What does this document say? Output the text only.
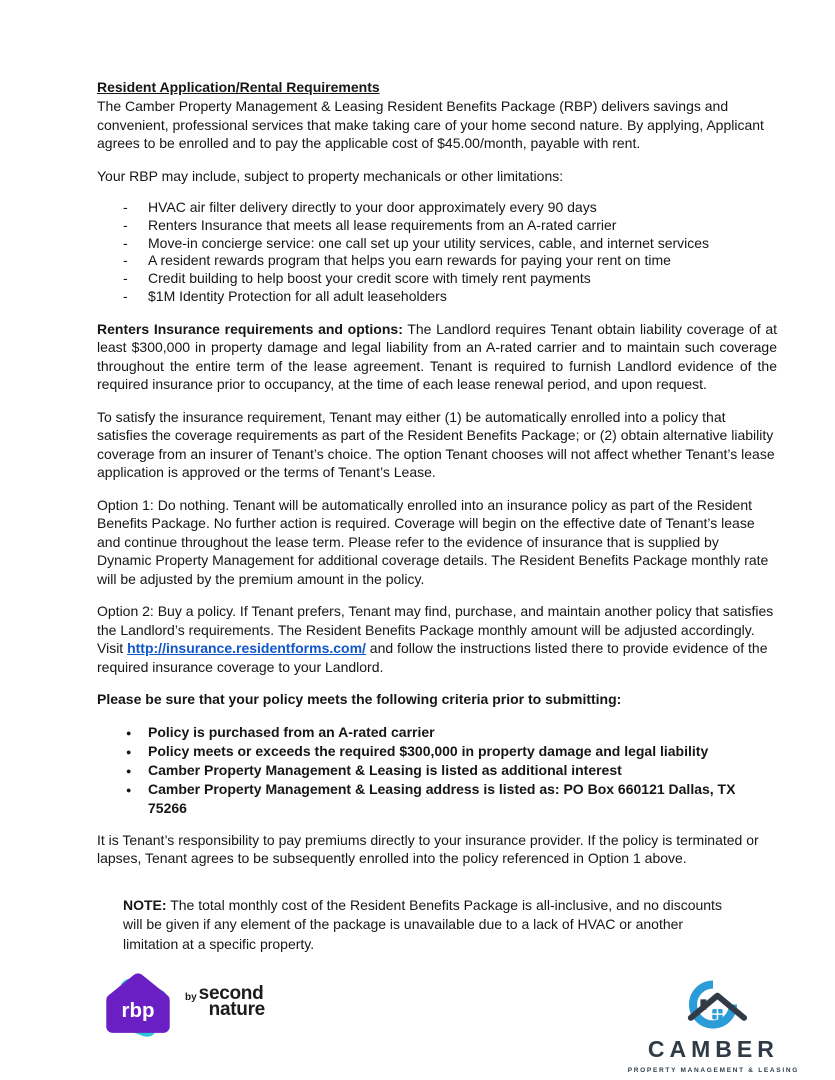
Resident Application/Rental Requirements

The Camber Property Management & Leasing Resident Benefits Package (RBP) delivers savings and convenient, professional services that make taking care of your home second nature. By applying, Applicant agrees to be enrolled and to pay the applicable cost of $45.00/month, payable with rent.

Your RBP may include, subject to property mechanicals or other limitations:

- HVAC air filter delivery directly to your door approximately every 90 days
- Renters Insurance that meets all lease requirements from an A-rated carrier
- Move-in concierge service: one call set up your utility services, cable, and internet services
- A resident rewards program that helps you earn rewards for paying your rent on time
- Credit building to help boost your credit score with timely rent payments
- $1M Identity Protection for all adult leaseholders

Renters Insurance requirements and options: The Landlord requires Tenant obtain liability coverage of at least $300,000 in property damage and legal liability from an A-rated carrier and to maintain such coverage throughout the entire term of the lease agreement. Tenant is required to furnish Landlord evidence of the required insurance prior to occupancy, at the time of each lease renewal period, and upon request.

To satisfy the insurance requirement, Tenant may either (1) be automatically enrolled into a policy that satisfies the coverage requirements as part of the Resident Benefits Package; or (2) obtain alternative liability coverage from an insurer of Tenant’s choice. The option Tenant chooses will not affect whether Tenant’s lease application is approved or the terms of Tenant’s Lease.

Option 1: Do nothing. Tenant will be automatically enrolled into an insurance policy as part of the Resident Benefits Package. No further action is required. Coverage will begin on the effective date of Tenant’s lease and continue throughout the lease term. Please refer to the evidence of insurance that is supplied by Dynamic Property Management for additional coverage details. The Resident Benefits Package monthly rate will be adjusted by the premium amount in the policy.

Option 2: Buy a policy. If Tenant prefers, Tenant may find, purchase, and maintain another policy that satisfies the Landlord’s requirements. The Resident Benefits Package monthly amount will be adjusted accordingly. Visit http://insurance.residentforms.com/ and follow the instructions listed there to provide evidence of the required insurance coverage to your Landlord.

Please be sure that your policy meets the following criteria prior to submitting:

● Policy is purchased from an A-rated carrier
● Policy meets or exceeds the required $300,000 in property damage and legal liability
● Camber Property Management & Leasing is listed as additional interest
● Camber Property Management & Leasing address is listed as: PO Box 660121 Dallas, TX 75266

It is Tenant’s responsibility to pay premiums directly to your insurance provider. If the policy is terminated or lapses, Tenant agrees to be subsequently enrolled into the policy referenced in Option 1 above.

NOTE: The total monthly cost of the Resident Benefits Package is all-inclusive, and no discounts will be given if any element of the package is unavailable due to a lack of HVAC or another limitation at a specific property.

rbp
by second
nature
CAMBER
PROPERTY MANAGEMENT & LEASING
